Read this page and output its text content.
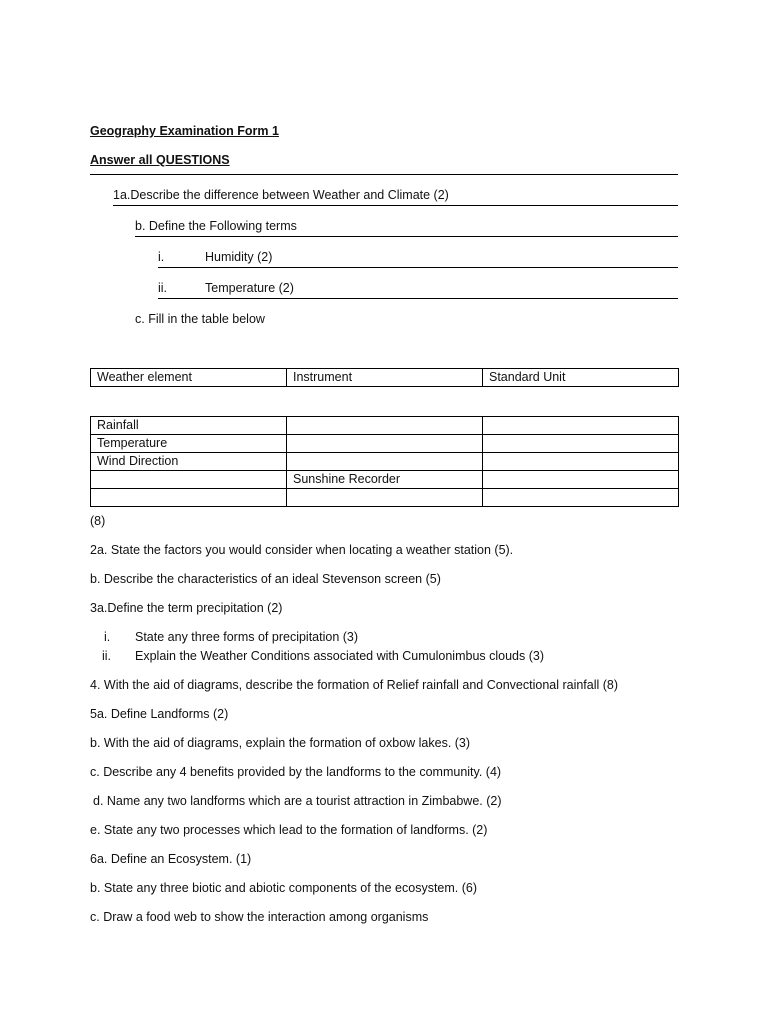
Geography Examination Form 1
Answer all QUESTIONS
1a.Describe the difference between Weather and Climate (2)
b. Define the Following terms
i.	Humidity (2)
ii.	Temperature (2)
c. Fill in the table below
Weather element	Instrument	Standard Unit
Rainfall		
Temperature		
Wind Direction		
	Sunshine Recorder	

(8)
2a. State the factors you would consider when locating a weather station (5).
b. Describe the characteristics of an ideal Stevenson screen (5)
3a.Define the term precipitation (2)
i. State any three forms of precipitation (3)
ii. Explain the Weather Conditions associated with Cumulonimbus clouds (3)
4. With the aid of diagrams, describe the formation of Relief rainfall and Convectional rainfall (8)
5a. Define Landforms (2)
b. With the aid of diagrams, explain the formation of oxbow lakes. (3)
c. Describe any 4 benefits provided by the landforms to the community. (4)
d. Name any two landforms which are a tourist attraction in Zimbabwe. (2)
e. State any two processes which lead to the formation of landforms. (2)
6a. Define an Ecosystem. (1)
b. State any three biotic and abiotic components of the ecosystem. (6)
c. Draw a food web to show the interaction among organisms
